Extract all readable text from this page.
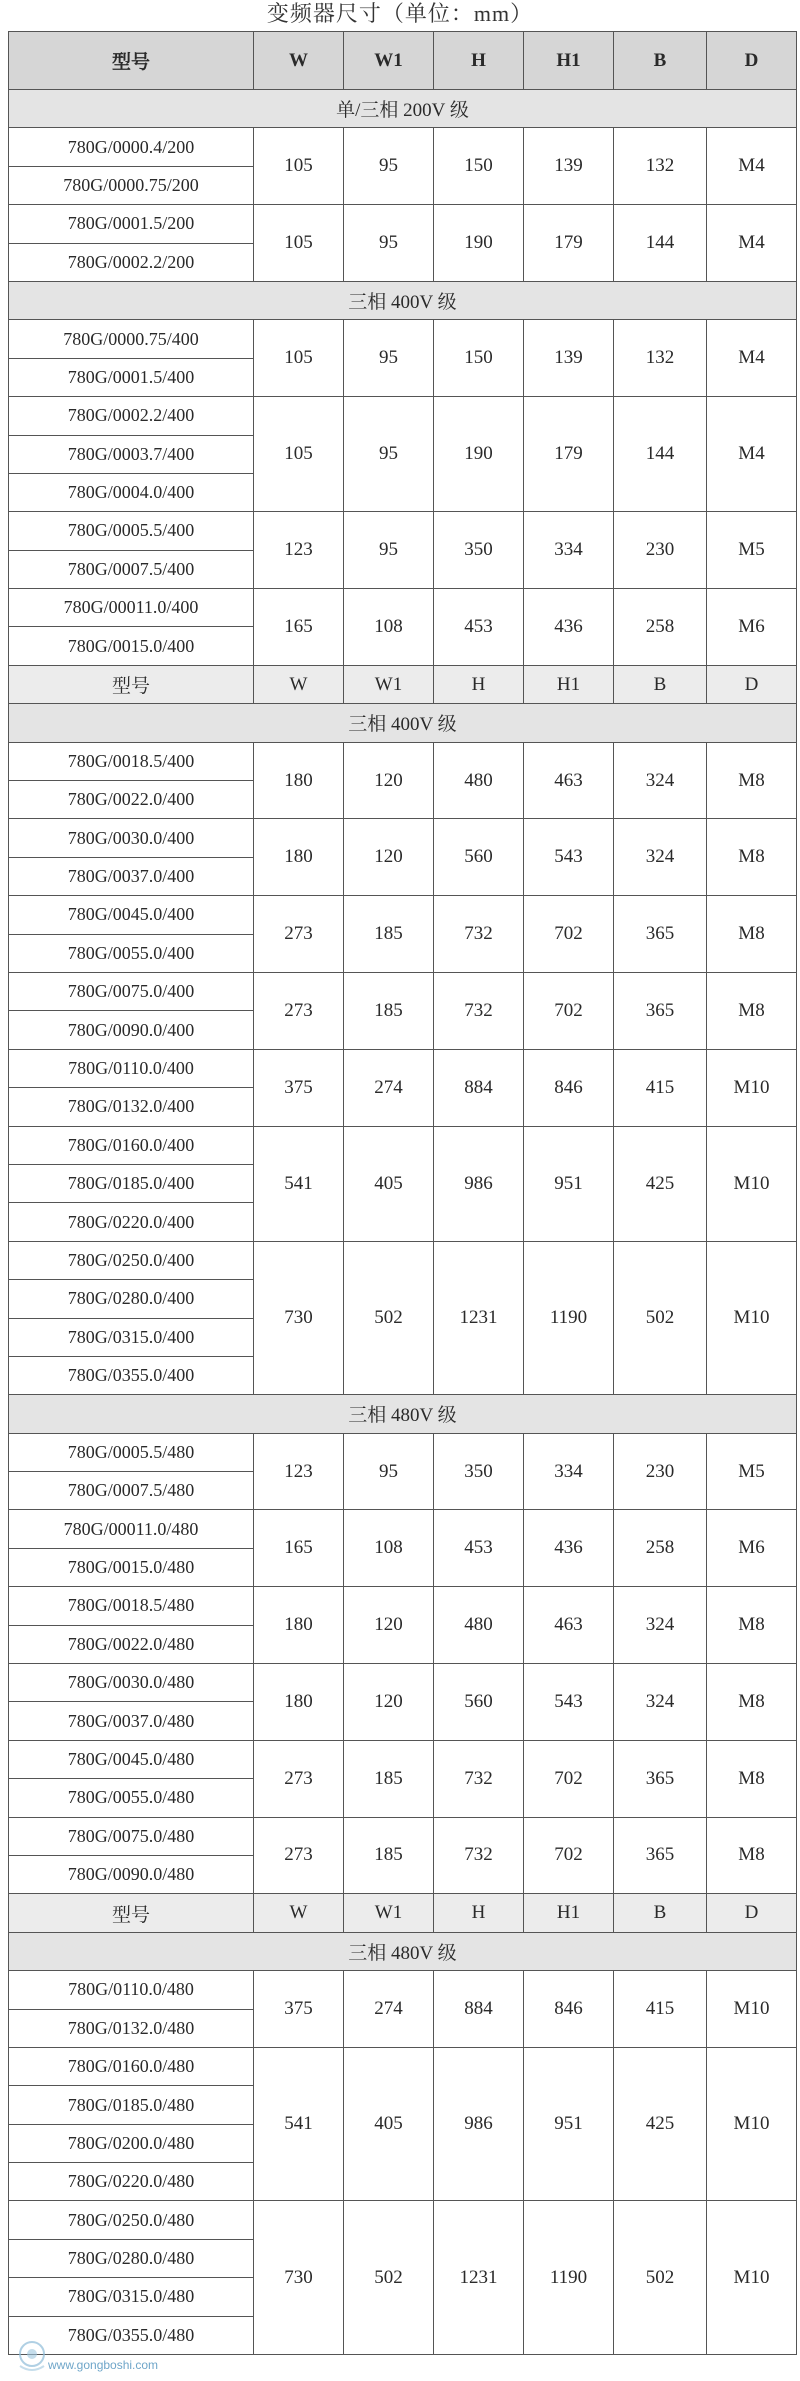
变频器尺寸（单位：mm）
型号	W	W1	H	H1	B	D
单/三相 200V 级						
780G/0000.4/200	105	95	150	139	132	M4
780G/0000.75/200						
780G/0001.5/200	105	95	190	179	144	M4
780G/0002.2/200						
三相 400V 级						
780G/0000.75/400	105	95	150	139	132	M4
780G/0001.5/400						
780G/0002.2/400	105	95	190	179	144	M4
780G/0003.7/400						
780G/0004.0/400						
780G/0005.5/400	123	95	350	334	230	M5
780G/0007.5/400						
780G/00011.0/400	165	108	453	436	258	M6
780G/0015.0/400						
型号	W	W1	H	H1	B	D
三相 400V 级						
780G/0018.5/400	180	120	480	463	324	M8
780G/0022.0/400						
780G/0030.0/400	180	120	560	543	324	M8
780G/0037.0/400						
780G/0045.0/400	273	185	732	702	365	M8
780G/0055.0/400						
780G/0075.0/400	273	185	732	702	365	M8
780G/0090.0/400						
780G/0110.0/400	375	274	884	846	415	M10
780G/0132.0/400						
780G/0160.0/400	541	405	986	951	425	M10
780G/0185.0/400						
780G/0220.0/400						
780G/0250.0/400	730	502	1231	1190	502	M10
780G/0280.0/400						
780G/0315.0/400						
780G/0355.0/400						
三相 480V 级						
780G/0005.5/480	123	95	350	334	230	M5
780G/0007.5/480						
780G/00011.0/480	165	108	453	436	258	M6
780G/0015.0/480						
780G/0018.5/480	180	120	480	463	324	M8
780G/0022.0/480						
780G/0030.0/480	180	120	560	543	324	M8
780G/0037.0/480						
780G/0045.0/480	273	185	732	702	365	M8
780G/0055.0/480						
780G/0075.0/480	273	185	732	702	365	M8
780G/0090.0/480						
型号	W	W1	H	H1	B	D
三相 480V 级						
780G/0110.0/480	375	274	884	846	415	M10
780G/0132.0/480						
780G/0160.0/480	541	405	986	951	425	M10
780G/0185.0/480						
780G/0200.0/480						
780G/0220.0/480						
780G/0250.0/480	730	502	1231	1190	502	M10
780G/0280.0/480						
780G/0315.0/480						
780G/0355.0/480						
www.gongboshi.com
